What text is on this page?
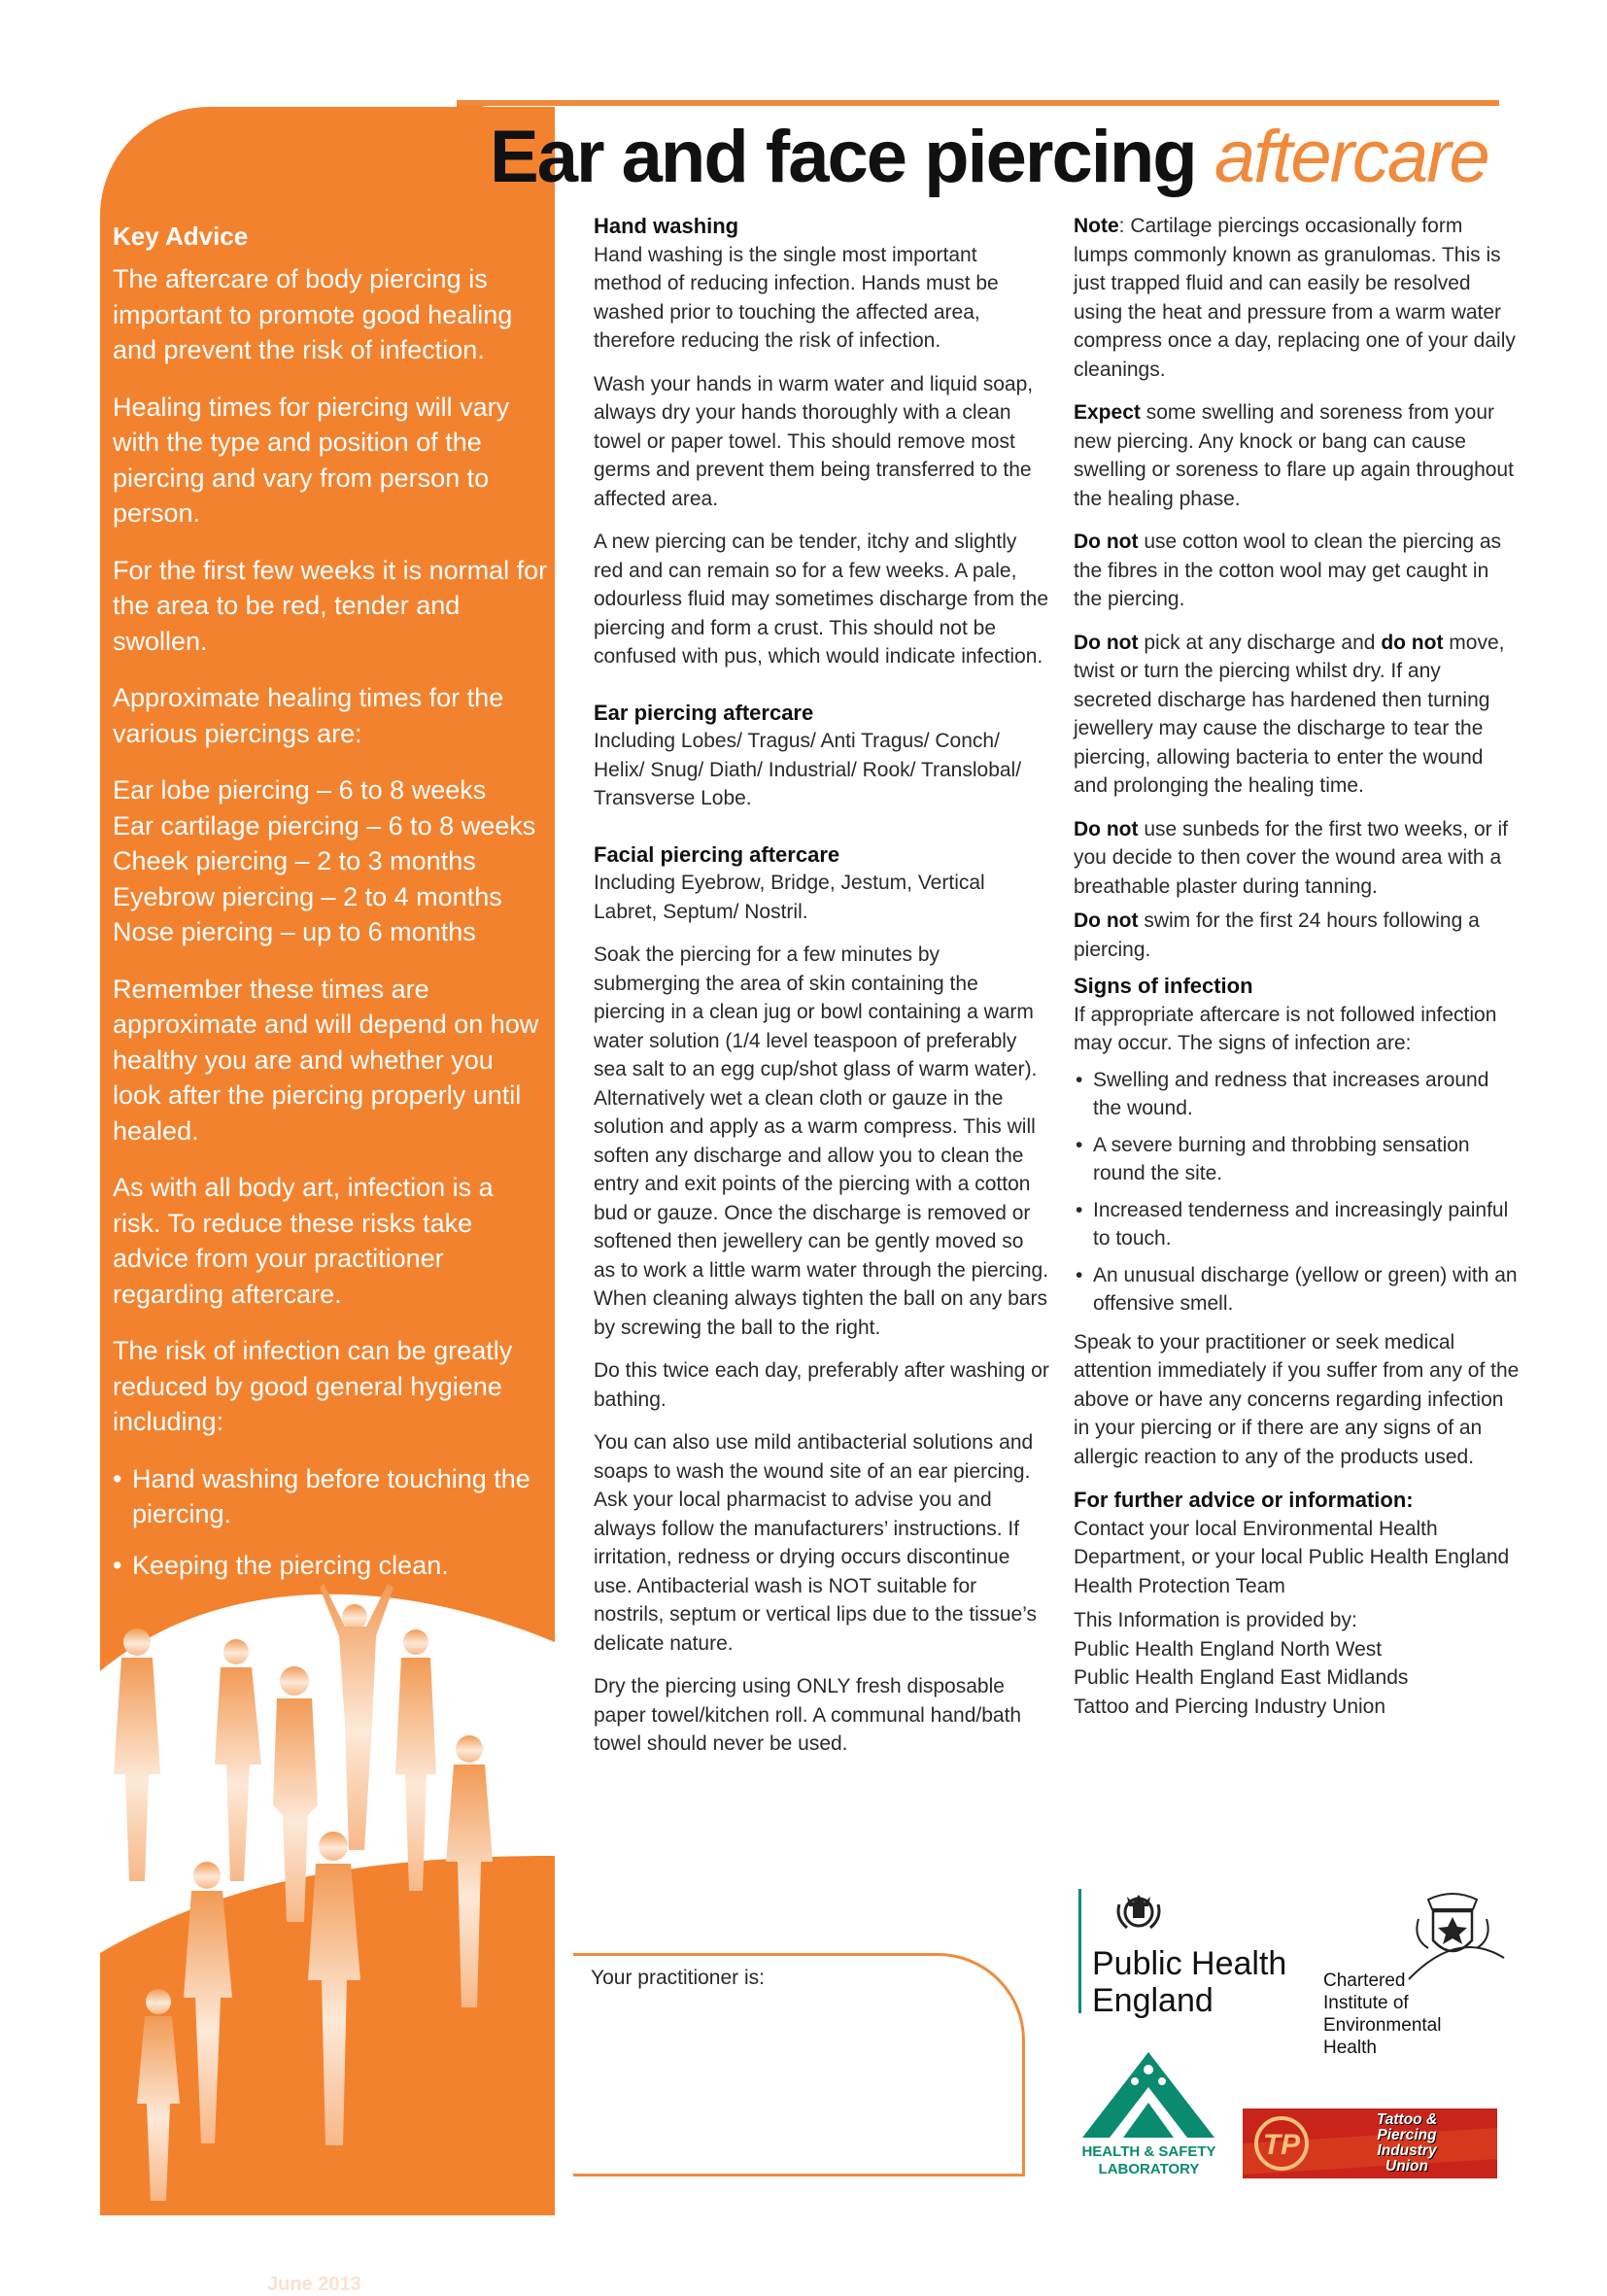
Key Advice

The aftercare of body piercing is important to promote good healing and prevent the risk of infection.

Healing times for piercing will vary with the type and position of the piercing and vary from person to person.

For the first few weeks it is normal for the area to be red, tender and swollen.

Approximate healing times for the various piercings are:

Ear lobe piercing – 6 to 8 weeks
Ear cartilage piercing – 6 to 8 weeks
Cheek piercing – 2 to 3 months
Eyebrow piercing – 2 to 4 months
Nose piercing – up to 6 months

Remember these times are approximate and will depend on how healthy you are and whether you look after the piercing properly until healed.

As with all body art, infection is a risk. To reduce these risks take advice from your practitioner regarding aftercare.

The risk of infection can be greatly reduced by good general hygiene including:

• Hand washing before touching the piercing.
• Keeping the piercing clean.
June 2013
Ear and face piercing aftercare
Hand washing

Hand washing is the single most important method of reducing infection. Hands must be washed prior to touching the affected area, therefore reducing the risk of infection.

Wash your hands in warm water and liquid soap, always dry your hands thoroughly with a clean towel or paper towel. This should remove most germs and prevent them being transferred to the affected area.

A new piercing can be tender, itchy and slightly red and can remain so for a few weeks. A pale, odourless fluid may sometimes discharge from the piercing and form a crust. This should not be confused with pus, which would indicate infection.

Ear piercing aftercare

Including Lobes/ Tragus/ Anti Tragus/ Conch/ Helix/ Snug/ Diath/ Industrial/ Rook/ Translobal/ Transverse Lobe.

Facial piercing aftercare

Including Eyebrow, Bridge, Jestum, Vertical Labret, Septum/ Nostril.

Soak the piercing for a few minutes by submerging the area of skin containing the piercing in a clean jug or bowl containing a warm water solution (1/4 level teaspoon of preferably sea salt to an egg cup/shot glass of warm water). Alternatively wet a clean cloth or gauze in the solution and apply as a warm compress. This will soften any discharge and allow you to clean the entry and exit points of the piercing with a cotton bud or gauze. Once the discharge is removed or softened then jewellery can be gently moved so as to work a little warm water through the piercing. When cleaning always tighten the ball on any bars by screwing the ball to the right.

Do this twice each day, preferably after washing or bathing.

You can also use mild antibacterial solutions and soaps to wash the wound site of an ear piercing. Ask your local pharmacist to advise you and always follow the manufacturers’ instructions. If irritation, redness or drying occurs discontinue use. Antibacterial wash is NOT suitable for nostrils, septum or vertical lips due to the tissue’s delicate nature.

Dry the piercing using ONLY fresh disposable paper towel/kitchen roll. A communal hand/bath towel should never be used.

Your practitioner is:

Note: Cartilage piercings occasionally form lumps commonly known as granulomas. This is just trapped fluid and can easily be resolved using the heat and pressure from a warm water compress once a day, replacing one of your daily cleanings.

Expect some swelling and soreness from your new piercing. Any knock or bang can cause swelling or soreness to flare up again throughout the healing phase.

Do not use cotton wool to clean the piercing as the fibres in the cotton wool may get caught in the piercing.

Do not pick at any discharge and do not move, twist or turn the piercing whilst dry. If any secreted discharge has hardened then turning jewellery may cause the discharge to tear the piercing, allowing bacteria to enter the wound and prolonging the healing time.

Do not use sunbeds for the first two weeks, or if you decide to then cover the wound area with a breathable plaster during tanning.

Do not swim for the first 24 hours following a piercing.

Signs of infection

If appropriate aftercare is not followed infection may occur. The signs of infection are:

• Swelling and redness that increases around the wound.
• A severe burning and throbbing sensation round the site.
• Increased tenderness and increasingly painful to touch.
• An unusual discharge (yellow or green) with an offensive smell.

Speak to your practitioner or seek medical attention immediately if you suffer from any of the above or have any concerns regarding infection in your piercing or if there are any signs of an allergic reaction to any of the products used.

For further advice or information:

Contact your local Environmental Health Department, or your local Public Health England Health Protection Team

This Information is provided by:
Public Health England North West
Public Health England East Midlands
Tattoo and Piercing Industry Union
Public Health
England
Chartered
Institute of
Environmental
Health
HEALTH & SAFETY
LABORATORY
TP
Tattoo &
Piercing
Industry
Union
